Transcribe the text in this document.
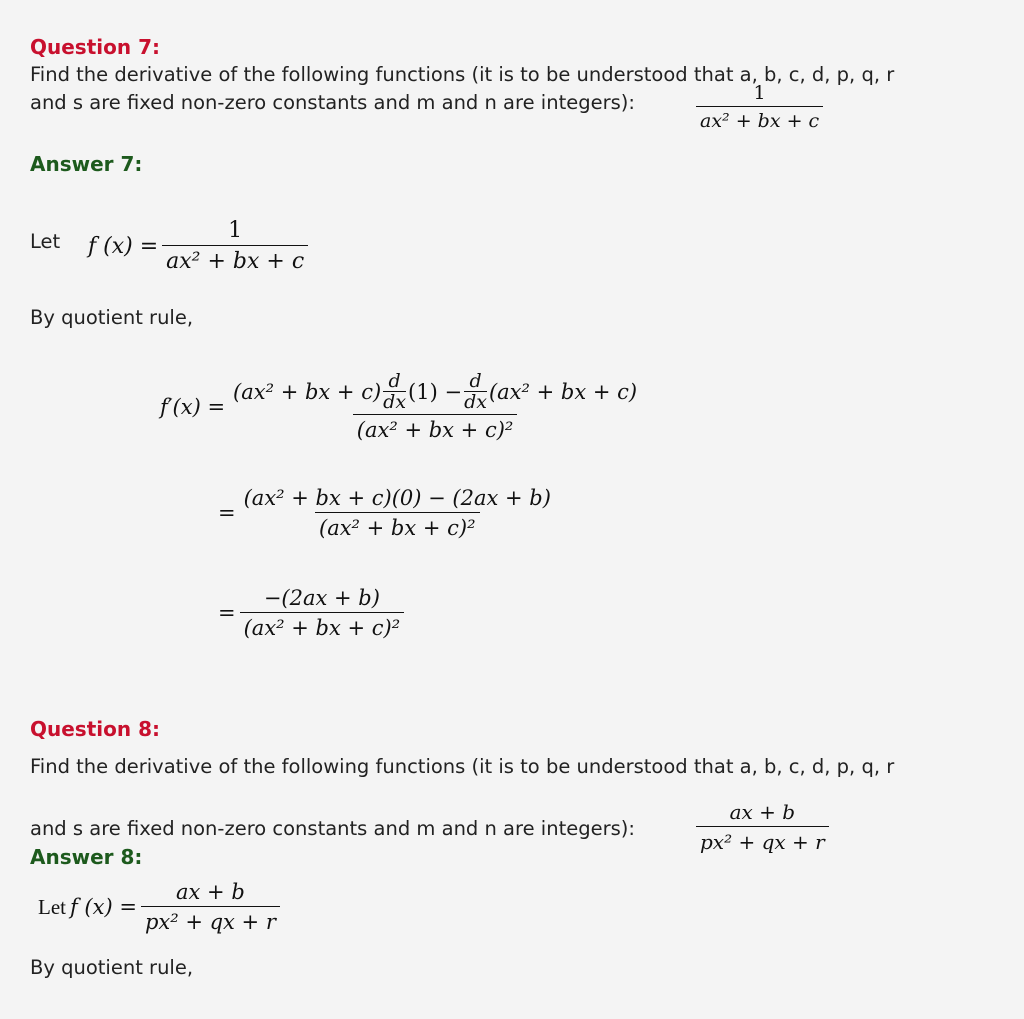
Question 7:
Find the derivative of the following functions (it is to be understood that a, b, c, d, p, q, r
and s are fixed non-zero constants and m and n are integers):	$\frac{1}{\text{ax² + bx + c}}$
Answer 7:
Let f $(x) = \frac{1}{\text{ax² + bx + c}}$
By quotient rule,
f′(x) =
(ax² + bx + $c) \frac{d}{dx} (1) - \frac{d}{dx} (ax^2$ + bx + c)
(ax² + bx + c)²
= $\frac{\text{(ax² + bx + c)(0) − (2ax + b)}}{\text{(ax² + bx + c)²}}$
= $\frac{-(2ax + b)}{\text{(ax² + bx + c)²}}$
Question 8:
Find the derivative of the following functions (it is to be understood that a, b, c, d, p, q, r
and s are fixed non-zero constants and m and n are integers):	$\frac{ax + b}{\text{px² + qx + r}}$
Answer 8:
Let f $(x) = \frac{ax + b}{\text{px² + qx + r}}$
By quotient rule,
